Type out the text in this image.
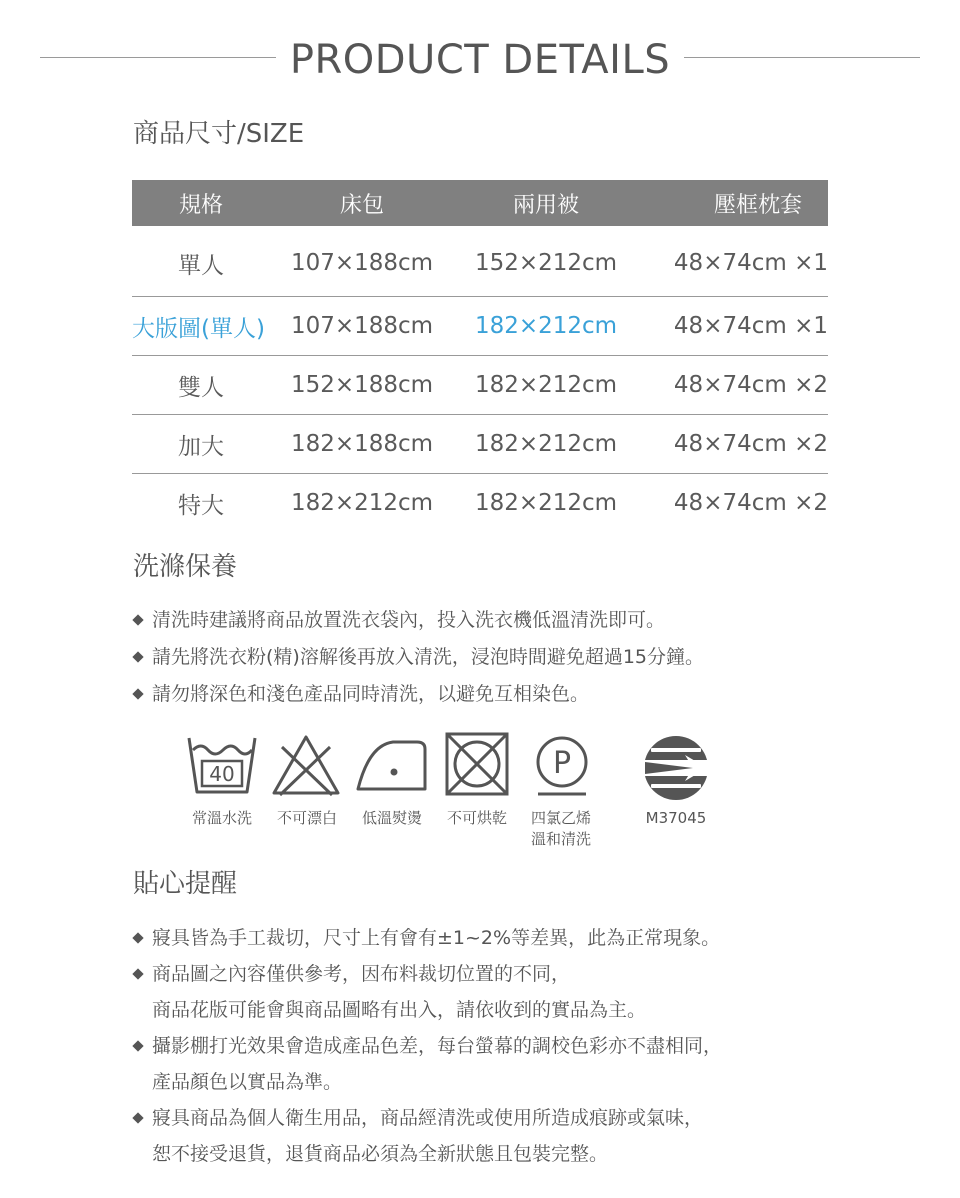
PRODUCT DETAILS
商品尺寸/SIZE
規格	床包	兩用被	壓框枕套
單人	107×188cm	152×212cm	48×74cm ×1
大版圖(單人)	107×188cm	182×212cm	48×74cm ×1
雙人	152×188cm	182×212cm	48×74cm ×2
加大	182×188cm	182×212cm	48×74cm ×2
特大	182×212cm	182×212cm	48×74cm ×2
洗滌保養
清洗時建議將商品放置洗衣袋內，投入洗衣機低溫清洗即可。
請先將洗衣粉(精)溶解後再放入清洗，浸泡時間避免超過15分鐘。
請勿將深色和淺色產品同時清洗，以避免互相染色。
40	P
常溫水洗	不可漂白	低溫熨燙	不可烘乾	四氯乙烯
溫和清洗
M37045
貼心提醒
寢具皆為手工裁切，尺寸上有會有±1~2%等差異，此為正常現象。
商品圖之內容僅供參考，因布料裁切位置的不同，
商品花版可能會與商品圖略有出入，請依收到的實品為主。
攝影棚打光效果會造成產品色差，每台螢幕的調校色彩亦不盡相同，
產品顏色以實品為準。
寢具商品為個人衛生用品，商品經清洗或使用所造成痕跡或氣味，
恕不接受退貨，退貨商品必須為全新狀態且包裝完整。
